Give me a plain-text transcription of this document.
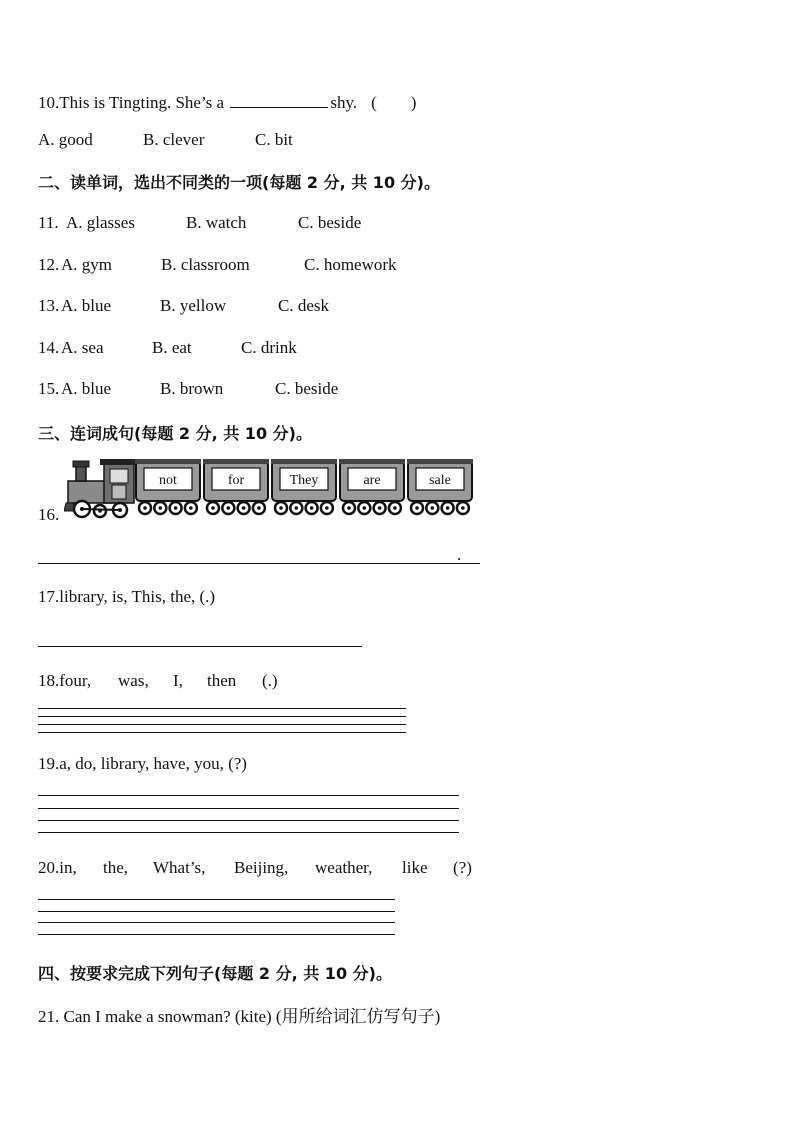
10.This is Tingting. She’s a	shy. (　　)
A. good	B. clever	C. bit
二、读单词，选出不同类的一项(每题 2 分, 共 10 分)。
11.A. glasses	B. watch	C. beside
12. A. gym	B. classroom	C. homework
13. A. blue	B. yellow	C. desk
14. A. sea	B. eat	C. drink
15. A. blue	B. brown	C. beside
三、连词成句(每题 2 分, 共 10 分)。
16.
not	for	They	are	sale
.
17.library, is, This, the, (.)
18.four, was, I, then (.)
19.a, do, library, have, you, (?)
20.in, the, What’s, Beijing, weather, like (?)
四、按要求完成下列句子(每题 2 分, 共 10 分)。
21. Can I make a snowman? (kite) (用所给词汇仿写句子)
